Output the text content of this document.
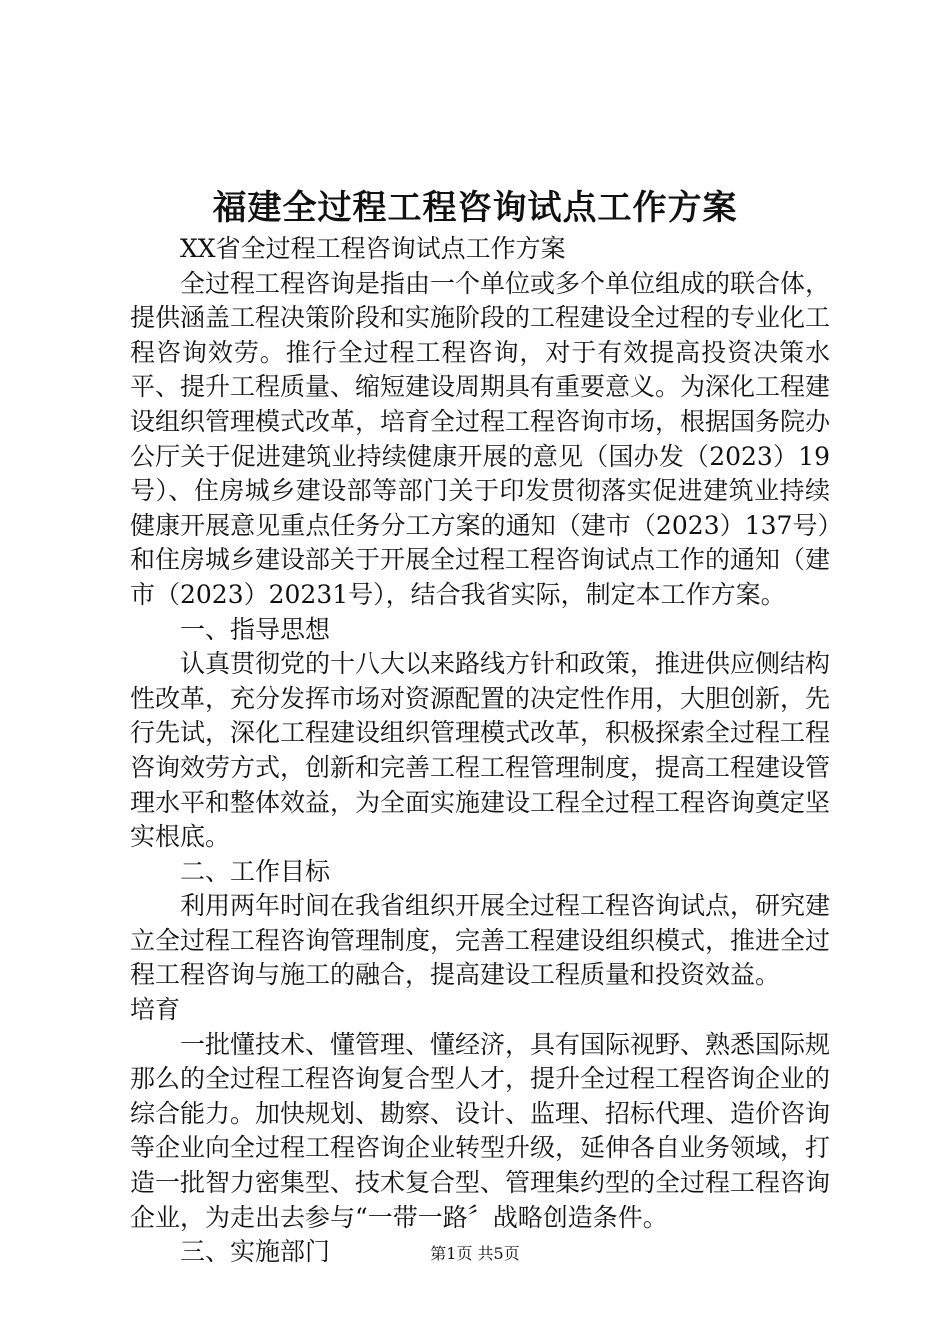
福建全过程工程咨询试点工作方案

XX省全过程工程咨询试点工作方案

全过程工程咨询是指由一个单位或多个单位组成的联合体，提供涵盖工程决策阶段和实施阶段的工程建设全过程的专业化工程咨询效劳。推行全过程工程咨询，对于有效提高投资决策水平、提升工程质量、缩短建设周期具有重要意义。为深化工程建设组织管理模式改革，培育全过程工程咨询市场，根据国务院办公厅关于促进建筑业持续健康开展的意见（国办发（2023）19号）、住房城乡建设部等部门关于印发贯彻落实促进建筑业持续健康开展意见重点任务分工方案的通知（建市（2023）137号）和住房城乡建设部关于开展全过程工程咨询试点工作的通知（建市（2023）20231号），结合我省实际，制定本工作方案。

一、指导思想

认真贯彻党的十八大以来路线方针和政策，推进供应侧结构性改革，充分发挥市场对资源配置的决定性作用，大胆创新，先行先试，深化工程建设组织管理模式改革，积极探索全过程工程咨询效劳方式，创新和完善工程工程管理制度，提高工程建设管理水平和整体效益，为全面实施建设工程全过程工程咨询奠定坚实根底。

二、工作目标

利用两年时间在我省组织开展全过程工程咨询试点，研究建立全过程工程咨询管理制度，完善工程建设组织模式，推进全过程工程咨询与施工的融合，提高建设工程质量和投资效益。

培育

一批懂技术、懂管理、懂经济，具有国际视野、熟悉国际规那么的全过程工程咨询复合型人才，提升全过程工程咨询企业的综合能力。加快规划、勘察、设计、监理、招标代理、造价咨询等企业向全过程工程咨询企业转型升级，延伸各自业务领域，打造一批智力密集型、技术复合型、管理集约型的全过程工程咨询企业，为走出去参与“一带一路〞战略创造条件。

三、实施部门	第1页 共5页
